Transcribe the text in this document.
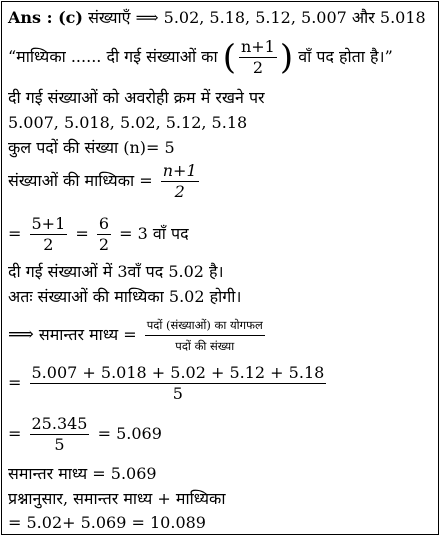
Ans : (c) संख्याएँ ⟹ 5.02, 5.18, 5.12, 5.007 और 5.018
“माध्यिका ...... दी गई संख्याओं का ( $\frac{n+1}{2}$ ) वाँ पद होता है।”
दी गई संख्याओं को अवरोही क्रम में रखने पर
5.007, 5.018, 5.02, 5.12, 5.18
कुल पदों की संख्या (n)= 5
संख्याओं की माध्यिका = $\frac{n+1}{2}$
= $\frac{5+1}{2} = \frac{6}{2} = 3$ वाँ पद
दी गई संख्याओं में 3वाँ पद 5.02 है।
अतः संख्याओं की माध्यिका 5.02 होगी।
⟹ समान्तर माध्य = $\frac{\text{पदों (संख्याओं) का योगफल}}{\text{पदों की संख्या}}$
= $\frac{5.007 + 5.018 + 5.02 + 5.12 + 5.18}{5}$
= $\frac{25.345}{5} = 5.069$
समान्तर माध्य = 5.069
प्रश्नानुसार, समान्तर माध्य + माध्यिका
= 5.02+ 5.069 = 10.089
